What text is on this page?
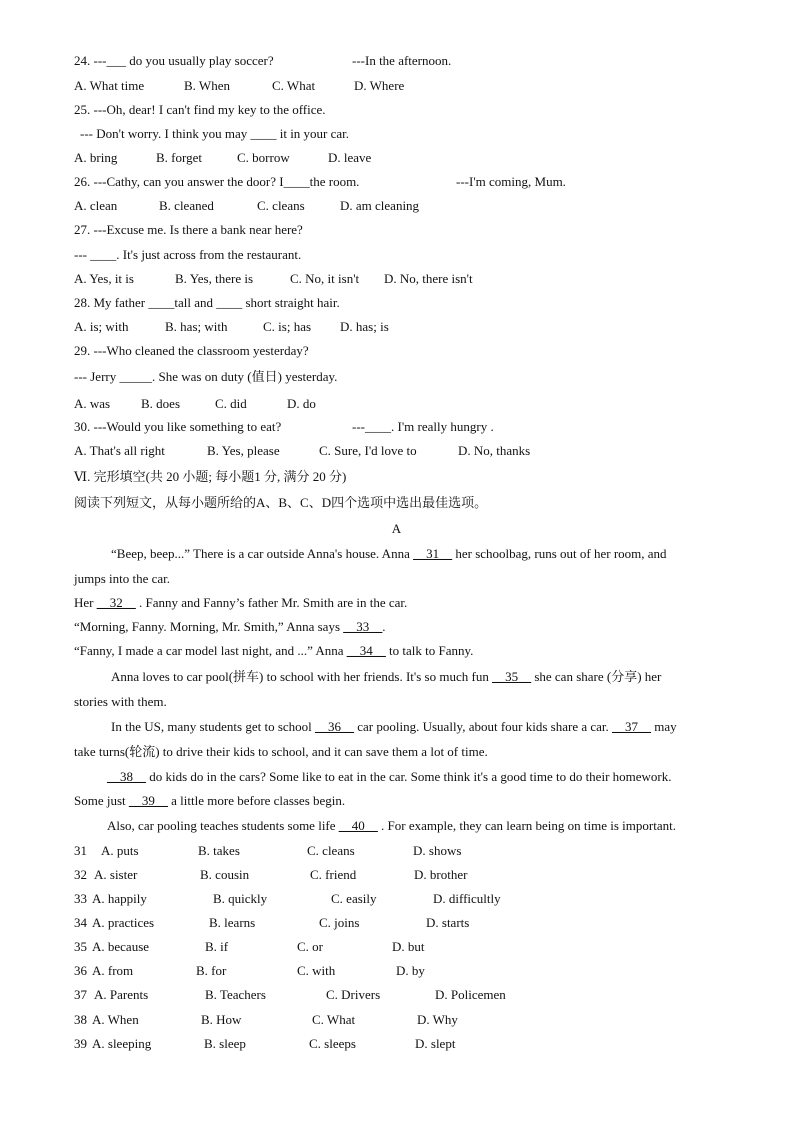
24. ---___ do you usually play soccer?	---In the afternoon.
A. What time	B. When	C. What	D. Where
25. ---Oh, dear! I can't find my key to the office.
--- Don't worry. I think you may ____ it in your car.
A. bring	B. forget	C. borrow	D. leave
26. ---Cathy, can you answer the door? I____the room.	---I'm coming, Mum.
A. clean	B. cleaned	C. cleans	D. am cleaning
27. ---Excuse me. Is there a bank near here?
--- ____. It's just across from the restaurant.
A. Yes, it is	B. Yes, there is	C. No, it isn't D. No, there isn't
28. My father ____tall and ____ short straight hair.
A. is; with	B. has; with	C. is; has D. has; is
29. ---Who cleaned the classroom yesterday?
--- Jerry _____. She was on duty (值日) yesterday.
A. was B. does	C. did	D. do
30. ---Would you like something to eat?	---____. I'm really hungry .
A. That's all right	B. Yes, please	C. Sure, I'd love to	D. No, thanks
Ⅵ. 完形填空(共 20 小题; 每小题1 分, 满分 20 分)
阅读下列短文，从每小题所给的A、B、C、D四个选项中选出最佳选项。
A
“Beep, beep...” There is a car outside Anna's house. Anna __31__ her schoolbag, runs out of her room, and
jumps into the car.
Her __32__ . Fanny and Fanny’s father Mr. Smith are in the car.
“Morning, Fanny. Morning, Mr. Smith,” Anna says __33__.
“Fanny, I made a car model last night, and ...” Anna __34__ to talk to Fanny.
Anna loves to car pool(拼车) to school with her friends. It's so much fun __35__ she can share (分享) her
stories with them.
In the US, many students get to school __36__ car pooling. Usually, about four kids share a car. __37__ may
take turns(轮流) to drive their kids to school, and it can save them a lot of time.
__38__ do kids do in the cars? Some like to eat in the car. Some think it's a good time to do their homework.
Some just __39__ a little more before classes begin.
Also, car pooling teaches students some life __40__ . For example, they can learn being on time is important.
31 A. puts	B. takes	C. cleans	D. shows
32 A. sister	B. cousin	C. friend	D. brother
33 A. happily	B. quickly	C. easily	D. difficultly
34 A. practices	B. learns	C. joins	D. starts
35 A. because	B. if	C. or	D. but
36 A. from	B. for	C. with	D. by
37 A. Parents	B. Teachers	C. Drivers	D. Policemen
38 A. When	B. How	C. What	D. Why
39 A. sleeping	B. sleep	C. sleeps	D. slept
